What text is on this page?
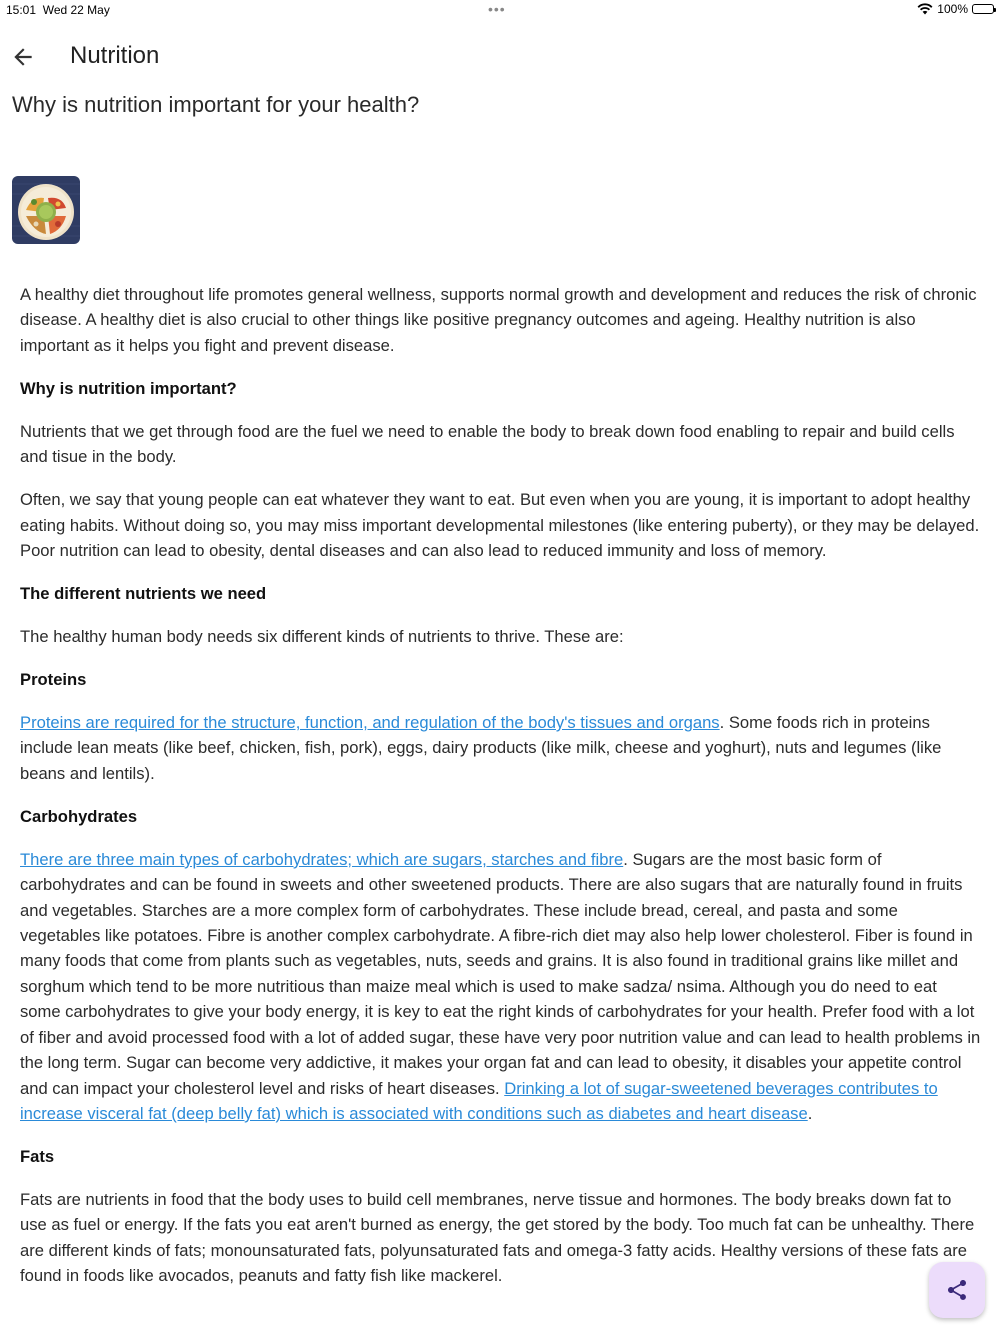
15:01 Wed 22 May	•••	100%
Nutrition
Why is nutrition important for your health?

A healthy diet throughout life promotes general wellness, supports normal growth and development and reduces the risk of chronic disease. A healthy diet is also crucial to other things like positive pregnancy outcomes and ageing. Healthy nutrition is also important as it helps you fight and prevent disease.

Why is nutrition important?

Nutrients that we get through food are the fuel we need to enable the body to break down food enabling to repair and build cells and tisue in the body.

Often, we say that young people can eat whatever they want to eat. But even when you are young, it is important to adopt healthy eating habits. Without doing so, you may miss important developmental milestones (like entering puberty), or they may be delayed. Poor nutrition can lead to obesity, dental diseases and can also lead to reduced immunity and loss of memory.

The different nutrients we need

The healthy human body needs six different kinds of nutrients to thrive. These are:

Proteins

Proteins are required for the structure, function, and regulation of the body's tissues and organs. Some foods rich in proteins include lean meats (like beef, chicken, fish, pork), eggs, dairy products (like milk, cheese and yoghurt), nuts and legumes (like beans and lentils).

Carbohydrates

There are three main types of carbohydrates; which are sugars, starches and fibre. Sugars are the most basic form of carbohydrates and can be found in sweets and other sweetened products. There are also sugars that are naturally found in fruits and vegetables. Starches are a more complex form of carbohydrates. These include bread, cereal, and pasta and some vegetables like potatoes. Fibre is another complex carbohydrate. A fibre-rich diet may also help lower cholesterol. Fiber is found in many foods that come from plants such as vegetables, nuts, seeds and grains. It is also found in traditional grains like millet and sorghum which tend to be more nutritious than maize meal which is used to make sadza/ nsima. Although you do need to eat some carbohydrates to give your body energy, it is key to eat the right kinds of carbohydrates for your health. Prefer food with a lot of fiber and avoid processed food with a lot of added sugar, these have very poor nutrition value and can lead to health problems in the long term. Sugar can become very addictive, it makes your organ fat and can lead to obesity, it disables your appetite control and can impact your cholesterol level and risks of heart diseases. Drinking a lot of sugar-sweetened beverages contributes to increase visceral fat (deep belly fat) which is associated with conditions such as diabetes and heart disease.

Fats

Fats are nutrients in food that the body uses to build cell membranes, nerve tissue and hormones. The body breaks down fat to use as fuel or energy. If the fats you eat aren't burned as energy, the get stored by the body. Too much fat can be unhealthy. There are different kinds of fats; monounsaturated fats, polyunsaturated fats and omega-3 fatty acids. Healthy versions of these fats are found in foods like avocados, peanuts and fatty fish like mackerel.
